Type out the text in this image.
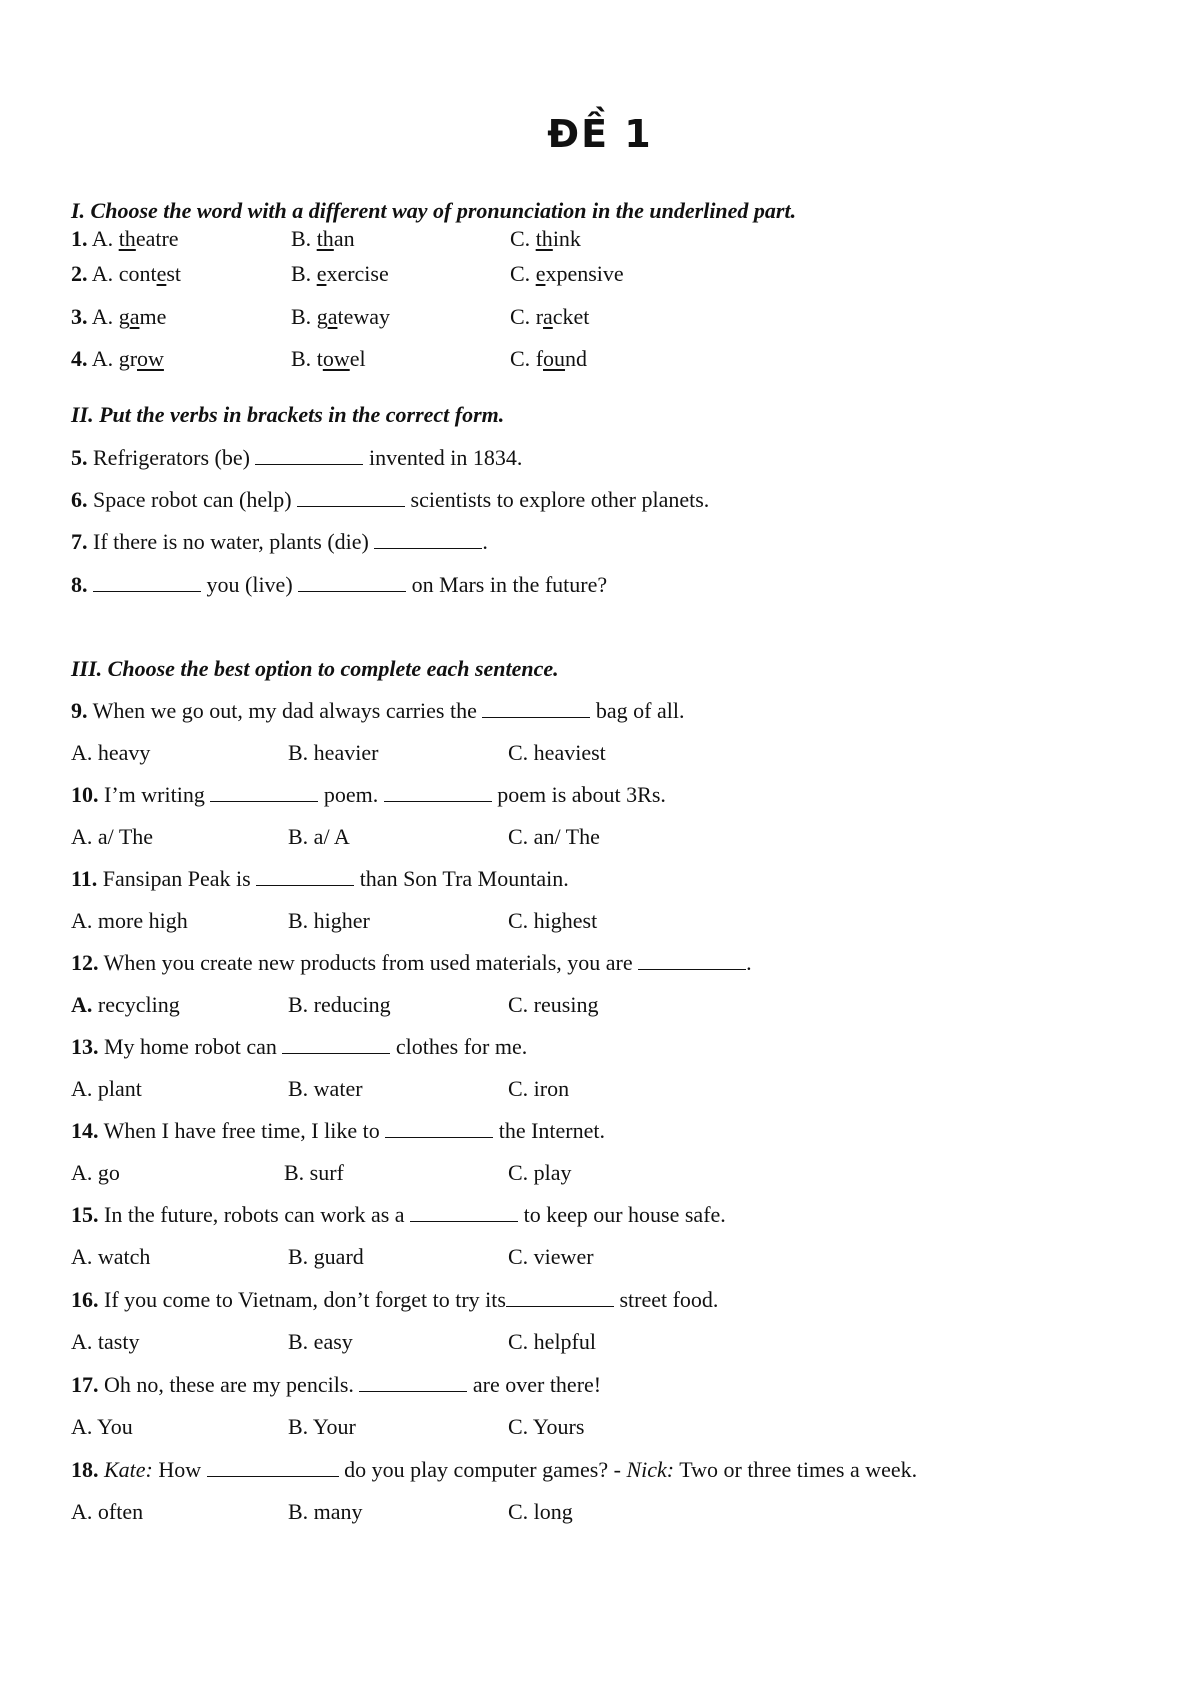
ĐỀ 1
I. Choose the word with a different way of pronunciation in the underlined part.
1. A. theatre	B. than	C. think
2. A. contest	B. exercise	C. expensive
3. A. game	B. gateway	C. racket
4. A. grow	B. towel	C. found
II. Put the verbs in brackets in the correct form.
5. Refrigerators (be)	invented in 1834.
6. Space robot can (help)	scientists to explore other planets.
7. If there is no water, plants (die)	.
8.	you (live)	on Mars in the future?
III. Choose the best option to complete each sentence.
9. When we go out, my dad always carries the	bag of all.
A. heavy	B. heavier	C. heaviest
10. I’m writing	poem.	poem is about 3Rs.
A. a/ The	B. a/ A	C. an/ The
11. Fansipan Peak is	than Son Tra Mountain.
A. more high	B. higher	C. highest
12. When you create new products from used materials, you are	.
A. recycling	B. reducing	C. reusing
13. My home robot can	clothes for me.
A. plant	B. water	C. iron
14. When I have free time, I like to	the Internet.
A. go	B. surf	C. play
15. In the future, robots can work as a	to keep our house safe.
A. watch	B. guard	C. viewer
16. If you come to Vietnam, don’t forget to try its	street food.
A. tasty	B. easy	C. helpful
17. Oh no, these are my pencils.	are over there!
A. You	B. Your	C. Yours
18. Kate: How	do you play computer games? - Nick: Two or three times a week.
A. often	B. many	C. long
